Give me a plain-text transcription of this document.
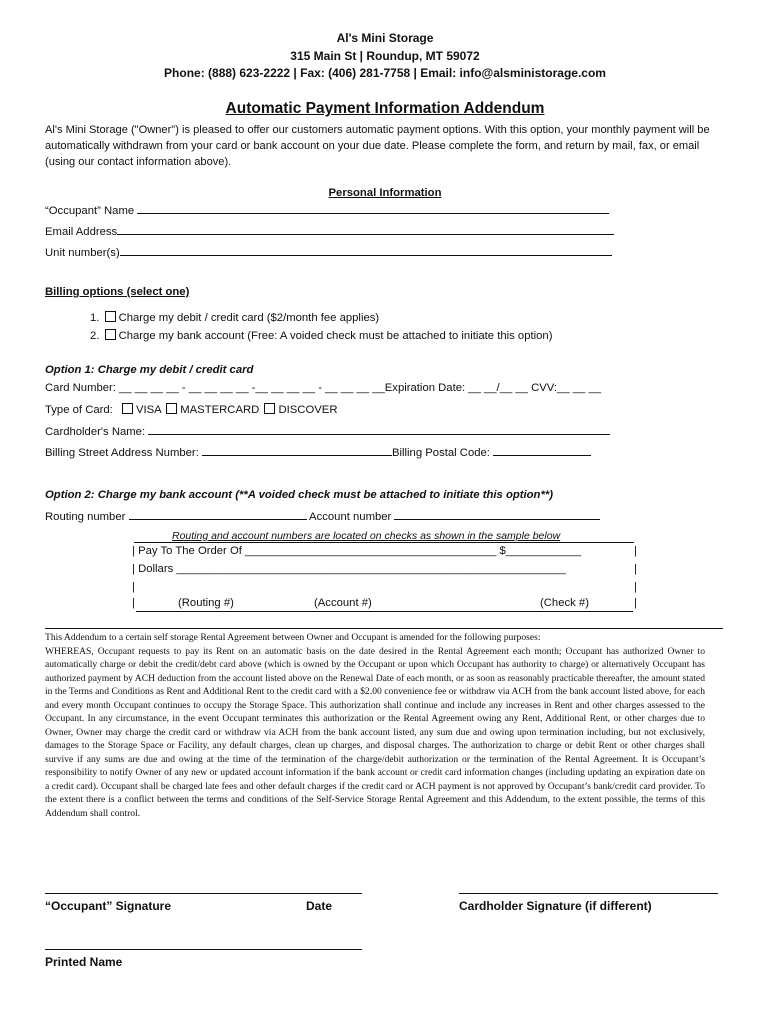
Al's Mini Storage
315 Main St | Roundup, MT 59072
Phone: (888) 623-2222 | Fax: (406) 281-7758 | Email: info@alsministorage.com
Automatic Payment Information Addendum
Al's Mini Storage ("Owner") is pleased to offer our customers automatic payment options. With this option, your monthly payment will be automatically withdrawn from your card or bank account on your due date. Please complete the form, and return by mail, fax, or email (using our contact information above).
Personal Information
“Occupant” Name
Email Address
Unit number(s)
Billing options (select one)
1. Charge my debit / credit card ($2/month fee applies)
2. Charge my bank account (Free: A voided check must be attached to initiate this option)
Option 1: Charge my debit / credit card
Card Number: __ __ __ __ - __ __ __ __ -__ __ __ __ - __ __ __ __Expiration Date: __ __/__ __ CVV:__ __ __
Type of Card: VISA MASTERCARD DISCOVER
Cardholder's Name:
Billing Street Address Number:	Billing Postal Code:
Option 2: Charge my bank account (**A voided check must be attached to initiate this option**)
Routing number	Account number
Routing and account numbers are located on checks as shown in the sample below
| Pay To The Order Of ________________________________________ $____________	|
| Dollars ______________________________________________________________	|
|	|
|	|
(Routing #)	(Account #)	(Check #)

This Addendum to a certain self storage Rental Agreement between Owner and Occupant is amended for the following purposes:

WHEREAS, Occupant requests to pay its Rent on an automatic basis on the date desired in the Rental Agreement each month; Occupant has authorized Owner to automatically charge or debit the credit/debt card above (which is owned by the Occupant or upon which Occupant has authority to charge) or alternatively Occupant has authorized payment by ACH deduction from the account listed above on the Renewal Date of each month, or as soon as reasonably practicable thereafter, the amount stated in the Terms and Conditions as Rent and Additional Rent to the credit card with a $2.00 convenience fee or withdraw via ACH from the bank account listed above, for each and every month Occupant continues to occupy the Storage Space. This authorization shall continue and include any increases in Rent and other charges assessed to the Occupant. In any circumstance, in the event Occupant terminates this authorization or the Rental Agreement owing any Rent, Additional Rent, or other charges due to Owner, Owner may charge the credit card or withdraw via ACH from the bank account listed, any sum due and owing upon termination including, but not exclusively, damages to the Storage Space or Facility, any default charges, clean up charges, and disposal charges. The authorization to charge or debit Rent or other charges shall survive if any sums are due and owing at the time of the termination of the charge/debit authorization or the termination of the Rental Agreement. It is Occupant’s responsibility to notify Owner of any new or updated account information if the bank account or credit card information changes (including updating an expiration date on a credit card). Occupant shall be charged late fees and other default charges if the credit card or ACH payment is not approved by Occupant’s bank/credit card provider. To the extent there is a conflict between the terms and conditions of the Self-Service Storage Rental Agreement and this Addendum, to the extent possible, the terms of this Addendum shall control.

“Occupant” Signature	Date	Cardholder Signature (if different)
Printed Name
